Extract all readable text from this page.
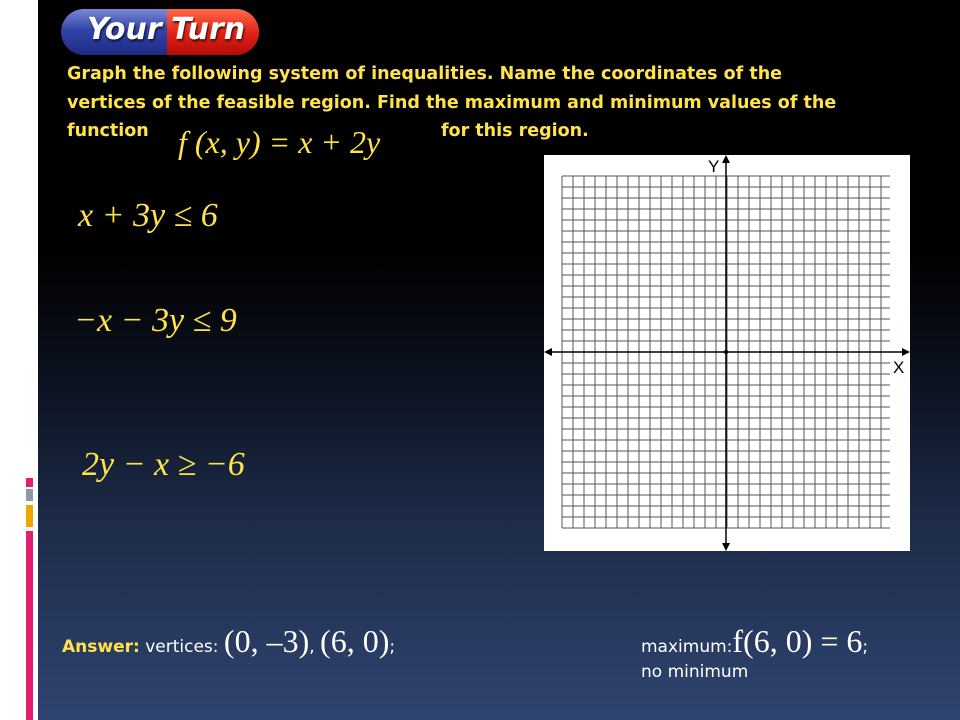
Your Turn

Graph the following system of inequalities. Name the coordinates of the
vertices of the feasible region. Find the maximum and minimum values of the
function	for this region.

f (x, y) = x + 2y
x + 3y ≤ 6
−x − 3y ≤ 9
2y − x ≥ −6
Y
X
Answer: vertices: (0, –3), (6, 0);	maximum:f(6, 0) = 6;
no minimum
